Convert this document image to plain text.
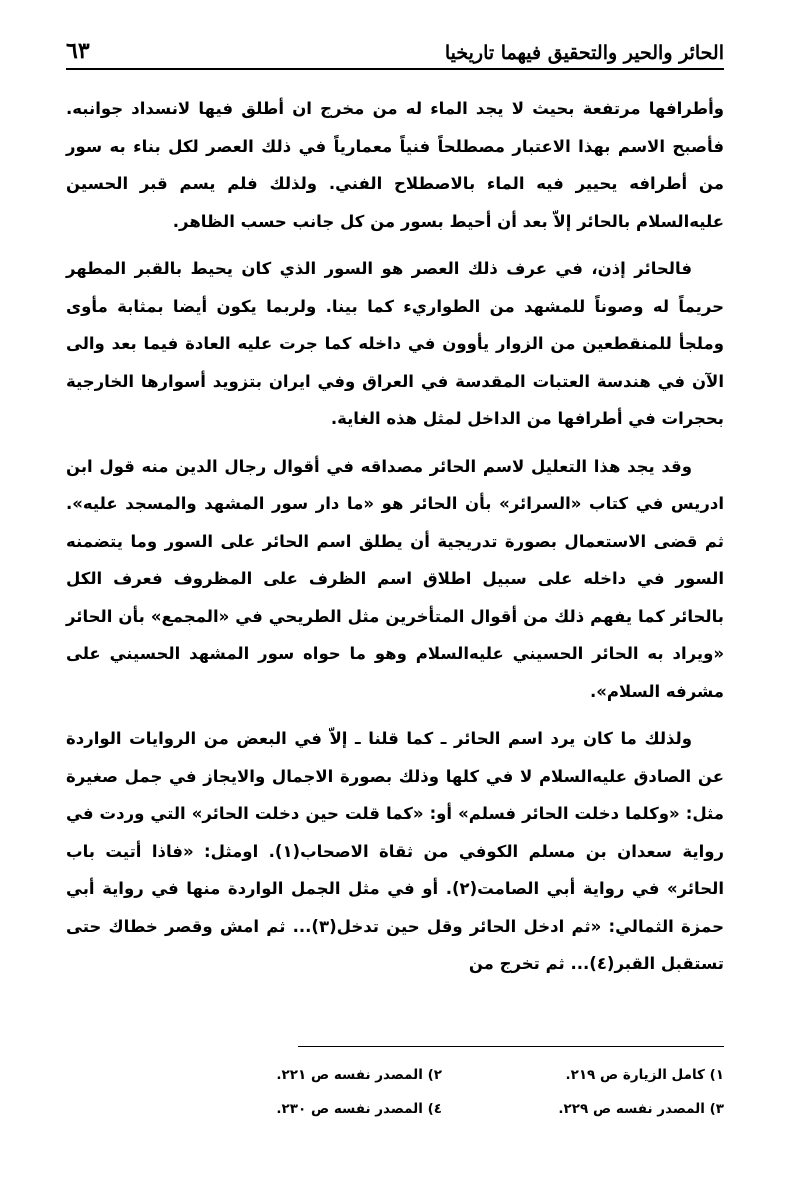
الحائر والحير والتحقيق فيهما تاريخيا
٦٣

وأطرافها مرتفعة بحيث لا يجد الماء له من مخرج ان أطلق فيها لانسداد جوانبه. فأصبح الاسم بهذا الاعتبار مصطلحاً فنياً معمارياً في ذلك العصر لكل بناء به سور من أطرافه يحيير فيه الماء بالاصطلاح الفني. ولذلك فلم يسم قبر الحسين عليه‌السلام بالحائر إلاّ بعد أن أحيط بسور من كل جانب حسب الظاهر.

فالحائر إذن، في عرف ذلك العصر هو السور الذي كان يحيط بالقبر المطهر حريماً له وصوناً للمشهد من الطواريء كما بينا. ولربما يكون أيضا بمثابة مأوى وملجأ للمنقطعين من الزوار يأوون في داخله كما جرت عليه العادة فيما بعد والى الآن في هندسة العتبات المقدسة في العراق وفي ايران بتزويد أسوارها الخارجية بحجرات في أطرافها من الداخل لمثل هذه الغاية.

وقد يجد هذا التعليل لاسم الحائر مصداقه في أقوال رجال الدين منه قول ابن ادريس في كتاب «السرائر» بأن الحائر هو «ما دار سور المشهد والمسجد عليه». ثم قضى الاستعمال بصورة تدريجية أن يطلق اسم الحائر على السور وما يتضمنه السور في داخله على سبيل اطلاق اسم الظرف على المظروف فعرف الكل بالحائر كما يفهم ذلك من أقوال المتأخرين مثل الطريحي في «المجمع» بأن الحائر «ويراد به الحائر الحسيني عليه‌السلام وهو ما حواه سور المشهد الحسيني على مشرفه السلام».

ولذلك ما كان يرد اسم الحائر ـ كما قلنا ـ إلاّ في البعض من الروايات الواردة عن الصادق عليه‌السلام لا في كلها وذلك بصورة الاجمال والايجاز في جمل صغيرة مثل: «وكلما دخلت الحائر فسلم» أو: «كما قلت حين دخلت الحائر» التي وردت في رواية سعدان بن مسلم الكوفي من ثقاة الاصحاب(١). اومثل: «فاذا أتيت باب الحائر» في رواية أبي الصامت(٢). أو في مثل الجمل الواردة منها في رواية أبي حمزة الثمالي: «ثم ادخل الحائر وقل حين تدخل(٣)... ثم امش وقصر خطاك حتى تستقبل القبر(٤)... ثم تخرج من

١) كامل الزيارة ص ٢١٩.
٢) المصدر نفسه ص ٢٢١.
٣) المصدر نفسه ص ٢٢٩.
٤) المصدر نفسه ص ٢٣٠.
